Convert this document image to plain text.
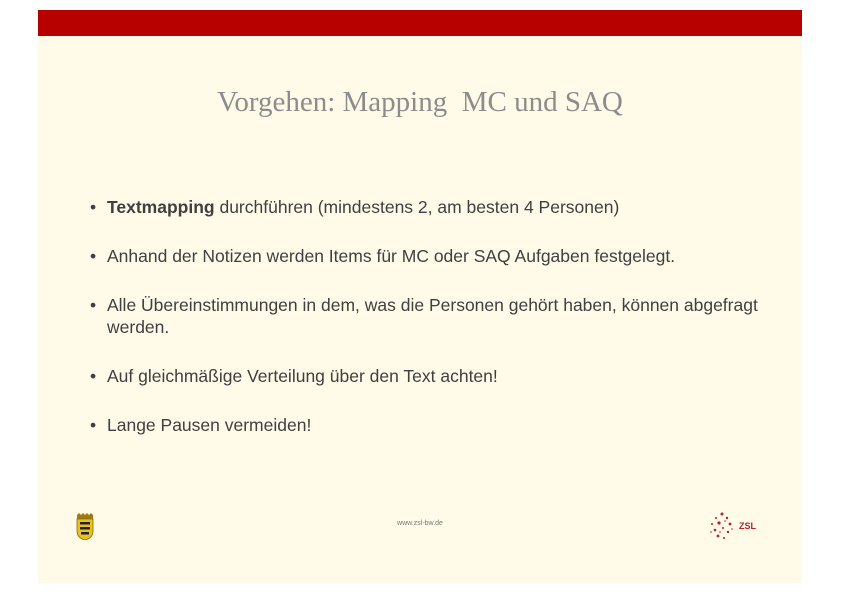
Vorgehen: Mapping  MC und SAQ
• Textmapping durchführen (mindestens 2, am besten 4 Personen)
• Anhand der Notizen werden Items für MC oder SAQ Aufgaben festgelegt.
• Alle Übereinstimmungen in dem, was die Personen gehört haben, können abgefragt werden.
• Auf gleichmäßige Verteilung über den Text achten!
• Lange Pausen vermeiden!
www.zsl-bw.de	ZSL
